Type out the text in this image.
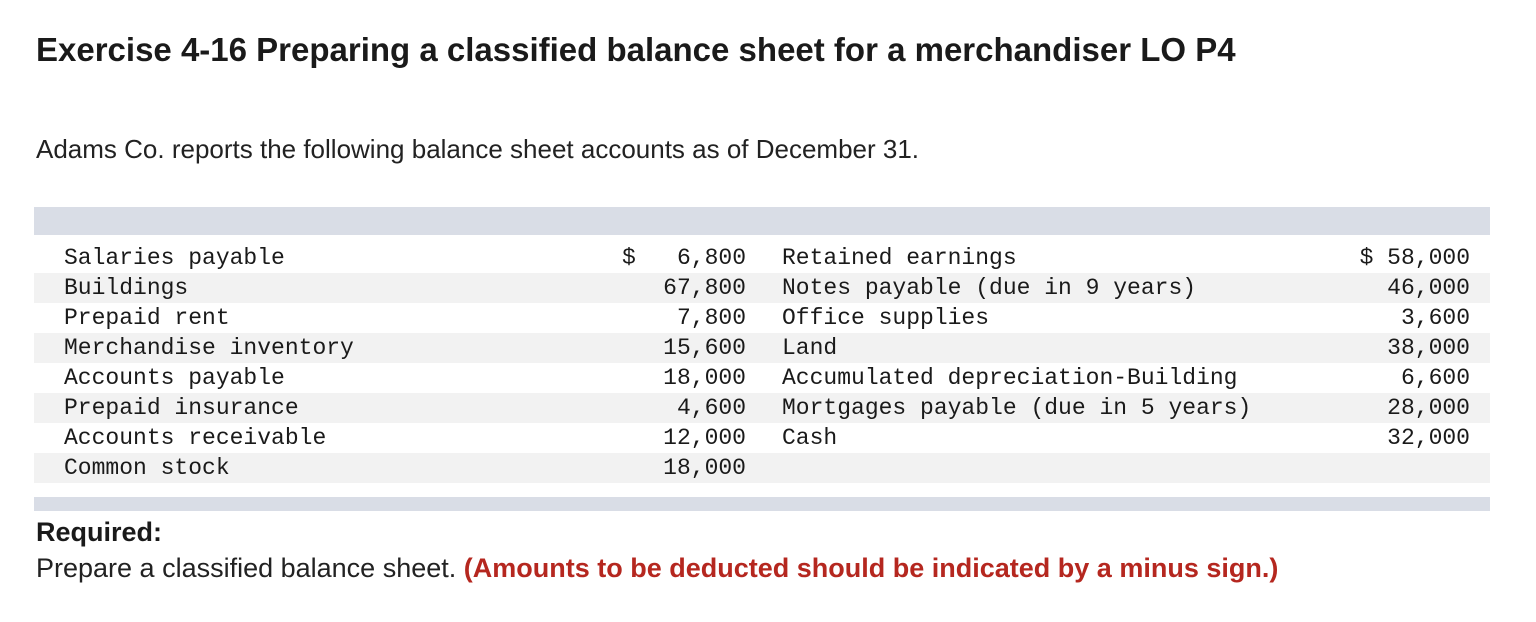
Exercise 4-16 Preparing a classified balance sheet for a merchandiser LO P4

Adams Co. reports the following balance sheet accounts as of December 31.

Salaries payable	$ 6,800 Retained earnings	$ 58,000
Buildings	67,800 Notes payable (due in 9 years)	46,000
Prepaid rent	7,800 Office supplies	3,600
Merchandise inventory	15,600 Land	38,000
Accounts payable	18,000 Accumulated depreciation-Building	6,600
Prepaid insurance	4,600 Mortgages payable (due in 5 years)	28,000
Accounts receivable	12,000 Cash	32,000
Common stock	18,000

Required:

Prepare a classified balance sheet. (Amounts to be deducted should be indicated by a minus sign.)
